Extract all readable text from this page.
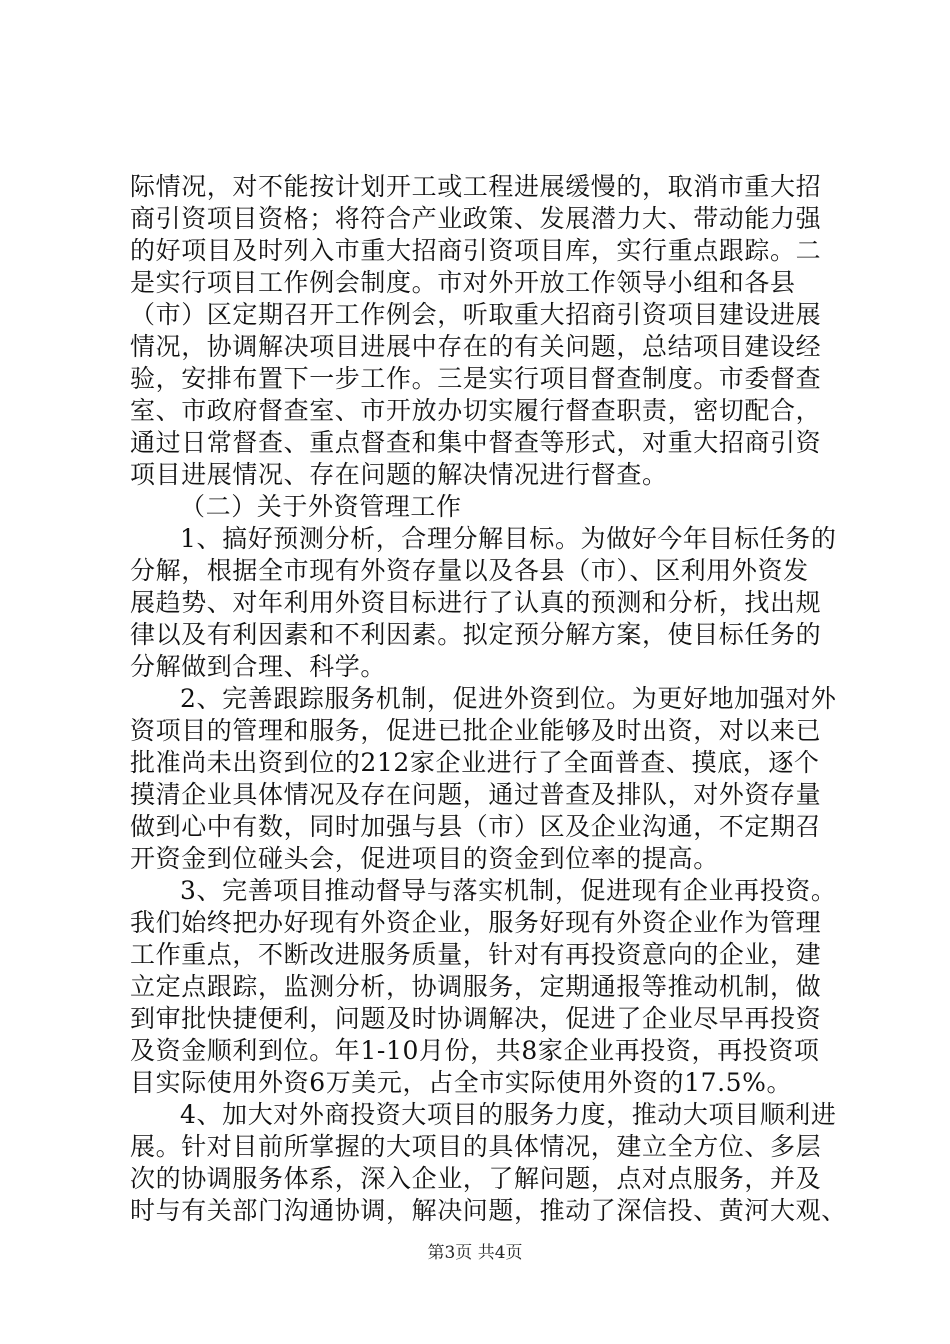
际情况，对不能按计划开工或工程进展缓慢的，取消市重大招
商引资项目资格；将符合产业政策、发展潜力大、带动能力强
的好项目及时列入市重大招商引资项目库，实行重点跟踪。二
是实行项目工作例会制度。市对外开放工作领导小组和各县
（市）区定期召开工作例会，听取重大招商引资项目建设进展
情况，协调解决项目进展中存在的有关问题，总结项目建设经
验，安排布置下一步工作。三是实行项目督查制度。市委督查
室、市政府督查室、市开放办切实履行督查职责，密切配合，
通过日常督查、重点督查和集中督查等形式，对重大招商引资
项目进展情况、存在问题的解决情况进行督查。
（二）关于外资管理工作
1、搞好预测分析，合理分解目标。为做好今年目标任务的
分解，根据全市现有外资存量以及各县（市）、区利用外资发
展趋势、对年利用外资目标进行了认真的预测和分析，找出规
律以及有利因素和不利因素。拟定预分解方案，使目标任务的
分解做到合理、科学。
2、完善跟踪服务机制，促进外资到位。为更好地加强对外
资项目的管理和服务，促进已批企业能够及时出资，对以来已
批准尚未出资到位的212家企业进行了全面普查、摸底，逐个
摸清企业具体情况及存在问题，通过普查及排队，对外资存量
做到心中有数，同时加强与县（市）区及企业沟通，不定期召
开资金到位碰头会，促进项目的资金到位率的提高。
3、完善项目推动督导与落实机制，促进现有企业再投资。
我们始终把办好现有外资企业，服务好现有外资企业作为管理
工作重点，不断改进服务质量，针对有再投资意向的企业，建
立定点跟踪，监测分析，协调服务，定期通报等推动机制，做
到审批快捷便利，问题及时协调解决，促进了企业尽早再投资
及资金顺利到位。年1-10月份，共8家企业再投资，再投资项
目实际使用外资6万美元，占全市实际使用外资的17.5%。
4、加大对外商投资大项目的服务力度，推动大项目顺利进
展。针对目前所掌握的大项目的具体情况，建立全方位、多层
次的协调服务体系，深入企业，了解问题，点对点服务，并及
时与有关部门沟通协调，解决问题，推动了深信投、黄河大观、
第3页 共4页
